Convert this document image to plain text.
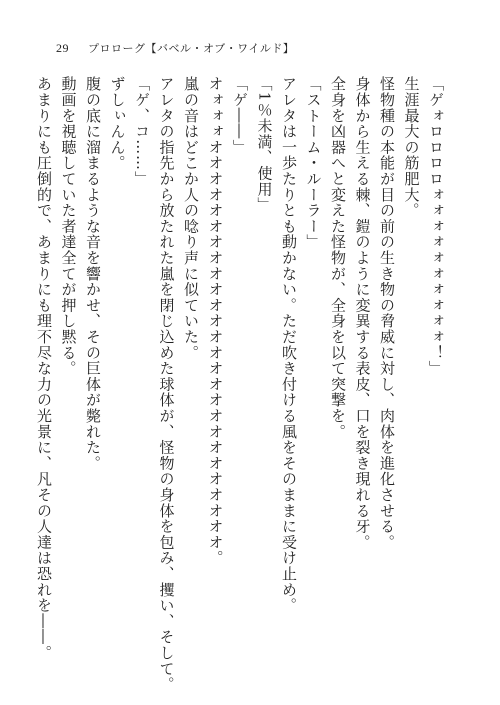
29	プロローグ【バベル・オブ・ワイルド】
「ゲォロロロロォォォォォォォォォォ！」
生涯最大の筋肥大。
怪物種の本能が目の前の生き物の脅威に対し、肉体を進化させる。
身体から生える棘、鎧のように変異する表皮、口を裂き現れる牙。
全身を凶器へと変えた怪物が、全身を以て突撃を。
「ストーム・ルーラー」
アレタは一歩たりとも動かない。ただ吹き付ける風をそのままに受け止め。
「1％未満、使用」
「ゲ――」
オォォォオオオオオオオオオオオオオオオオオオオオオオオオオオ。
嵐の音はどこか人の唸り声に似ていた。
アレタの指先から放たれた嵐を閉じ込めた球体が、怪物の身体を包み、攫い、そして。
「ゲ、コ……」
ずしぃんん。
腹の底に溜まるような音を響かせ、その巨体が斃れた。
動画を視聴していた者達全てが押し黙る。
あまりにも圧倒的で、あまりにも理不尽な力の光景に、凡その人達は恐れを――。
